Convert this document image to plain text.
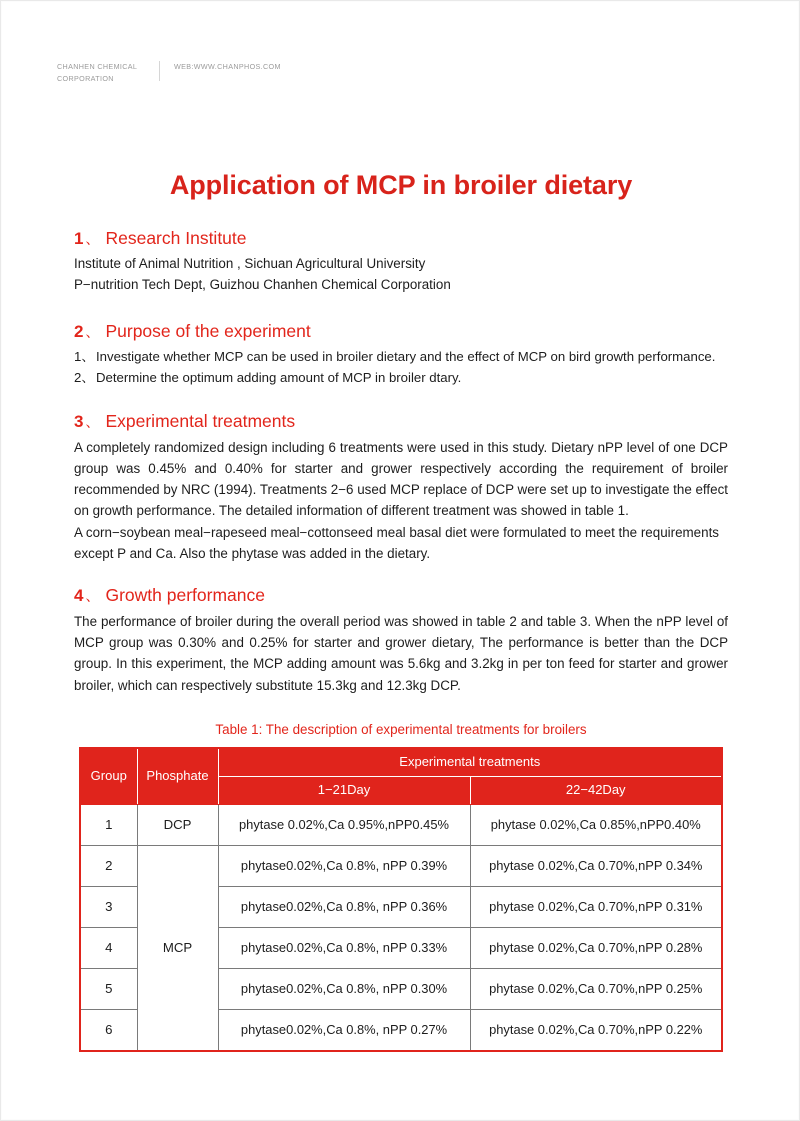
CHANHEN CHEMICAL
CORPORATION
WEB:WWW.CHANPHOS.COM
Application of MCP in broiler dietary
1 、 Research Institute

Institute of Animal Nutrition , Sichuan Agricultural University

P−nutrition Tech Dept, Guizhou Chanhen Chemical Corporation

2 、 Purpose of the experiment
1、 Investigate whether MCP can be used in broiler dietary and the effect of MCP on bird growth performance.
2、 Determine the optimum adding amount of MCP in broiler dtary.
3 、 Experimental treatments

A completely randomized design including 6 treatments were used in this study. Dietary nPP level of one DCP group was 0.45% and 0.40% for starter and grower respectively according the requirement of broiler recommended by NRC (1994). Treatments 2−6 used MCP replace of DCP were set up to investigate the effect on growth performance. The detailed information of different treatment was showed in table 1.

A corn−soybean meal−rapeseed meal−cottonseed meal basal diet were formulated to meet the requirements except P and Ca. Also the phytase was added in the dietary.

4 、 Growth performance

The performance of broiler during the overall period was showed in table 2 and table 3. When the nPP level of MCP group was 0.30% and 0.25% for starter and grower dietary, The performance is better than the DCP group. In this experiment, the MCP adding amount was 5.6kg and 3.2kg in per ton feed for starter and grower broiler, which can respectively substitute 15.3kg and 12.3kg DCP.

Table 1: The description of experimental treatments for broilers
Group	Phosphate	Experimental treatments	
		1−21Day	22−42Day
1	DCP	phytase 0.02%,Ca 0.95%,nPP0.45%	phytase 0.02%,Ca 0.85%,nPP0.40%
2	MCP	phytase0.02%,Ca 0.8%, nPP 0.39%	phytase 0.02%,Ca 0.70%,nPP 0.34%
3		phytase0.02%,Ca 0.8%, nPP 0.36%	phytase 0.02%,Ca 0.70%,nPP 0.31%
4		phytase0.02%,Ca 0.8%, nPP 0.33%	phytase 0.02%,Ca 0.70%,nPP 0.28%
5		phytase0.02%,Ca 0.8%, nPP 0.30%	phytase 0.02%,Ca 0.70%,nPP 0.25%
6		phytase0.02%,Ca 0.8%, nPP 0.27%	phytase 0.02%,Ca 0.70%,nPP 0.22%
